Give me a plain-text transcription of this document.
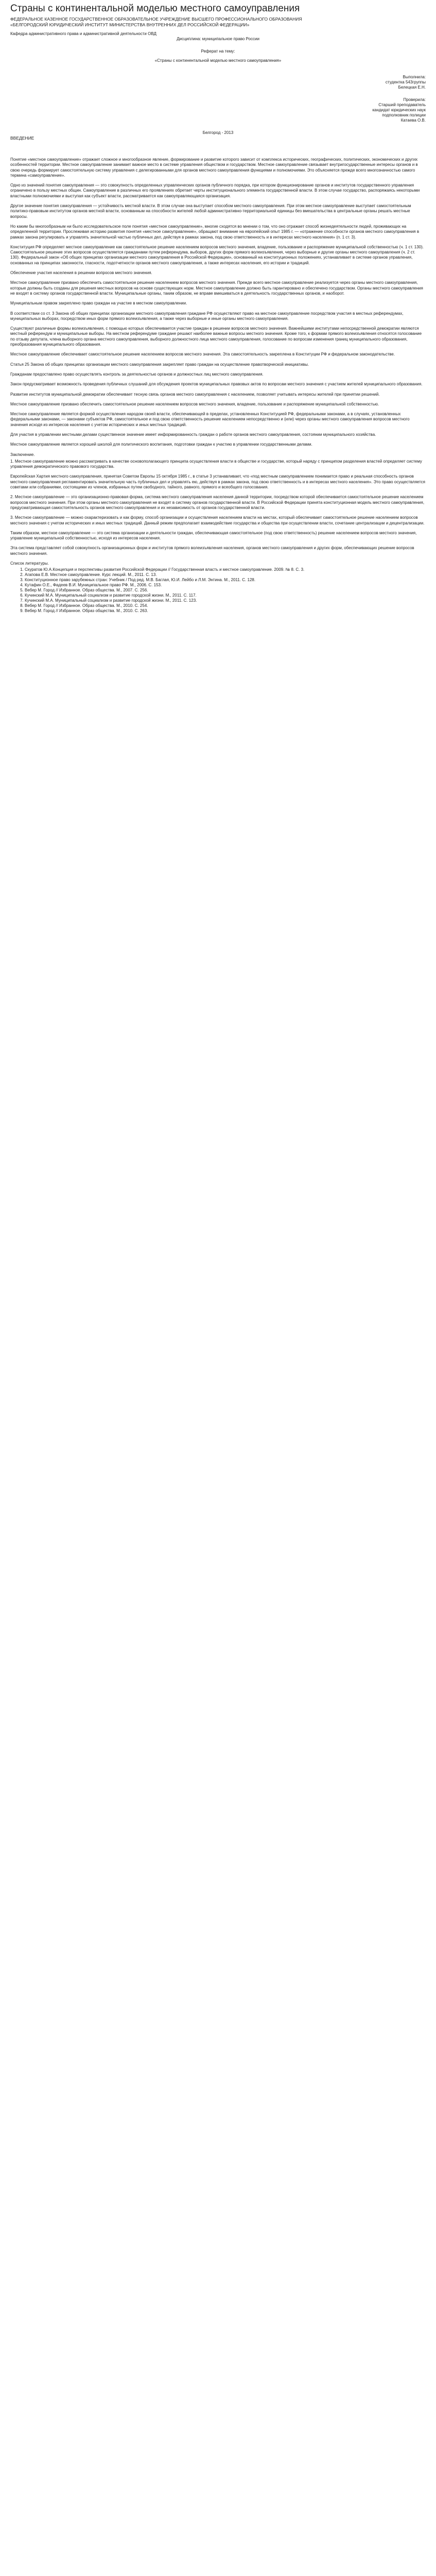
Страны с континентальной моделью местного самоуправления

ФЕДЕРАЛЬНОЕ КАЗЕННОЕ ГОСУДАРСТВЕННОЕ ОБРАЗОВАТЕЛЬНОЕ УЧРЕЖДЕНИЕ ВЫСШЕГО ПРОФЕССИОНАЛЬНОГО ОБРАЗОВАНИЯ

«БЕЛГОРОДСКИЙ ЮРИДИЧЕСКИЙ ИНСТИТУТ МИНИСТЕРСТВА ВНУТРЕННИХ ДЕЛ РОССИЙСКОЙ ФЕДЕРАЦИИ»

Кафедра административного права и административной деятельности ОВД

Дисциплина: муниципальное право России

Реферат на тему:

«Страны с континентальной моделью местного самоуправления»

Выполнила:

студентка 543группы

Белецкая Е.Н.

Проверила:

Старший преподаватель

кандидат юридических наук

подполковник полиции

Катаева О.В.

Белгород - 2013

ВВЕДЕНИЕ

Понятие «местное самоуправление» отражает сложное и многообразное явление, формирование и развитие которого зависит от комплекса исторических, географических, политических, экономических и других особенностей территории. Местное самоуправление занимает важное место в системе управления обществом и государством. Местное самоуправление связывает внутригосударственные интересы органов и в свою очередь формирует самостоятельную систему управления с делегированными для органов местного самоуправления функциями и полномочиями. Это объясняется прежде всего многозначностью самого термина «самоуправление».

Одно из значений понятия самоуправления — это совокупность определенных управленческих органов публичного порядка, при котором функционирование органов и институтов государственного управления ограничено в пользу местных общин. Самоуправление в различных его проявлениях обретает черты институционального элемента государственной власти. В этом случае государство, распоряжаясь некоторыми властными полномочиями и выступая как субъект власти, рассматривается как самоуправляющаяся организация.

Другое значение понятия самоуправления — устойчивость местной власти. В этом случае она выступает способом местного самоуправления. При этом местное самоуправление выступает самостоятельным политико-правовым институтом органов местной власти, основанным на способности жителей любой административно-территориальной единицы без вмешательства в центральные органы решать местные вопросы.

Но каким бы многообразным ни было исследовательское поле понятия «местное самоуправление», многие сходятся во мнении о том, что оно отражает способ жизнедеятельности людей, проживающих на определенной территории. Прослеживая историю развития понятия «местное самоуправление», обращают внимание на европейский опыт 1985 г. — «отражение способности органов местного самоуправления в рамках закона регулировать и управлять значительной частью публичных дел, действуя в рамках закона, под свою ответственность и в интересах местного населения» (п. 1 ст. 3).

Конституция РФ определяет местное самоуправление как самостоятельное решение населением вопросов местного значения, владение, пользование и распоряжение муниципальной собственностью (ч. 1 ст. 130). Самостоятельное решение этих вопросов осуществляется гражданами путем референдума, выборов, других форм прямого волеизъявления, через выборные и другие органы местного самоуправления (ч. 2 ст. 130). Федеральный закон «Об общих принципах организации местного самоуправления в Российской Федерации», основанный на конституционных положениях, устанавливает в системе органов управления, основанных на принципах законности, гласности, подотчетности органов местного самоуправления, а также интересах населения, его истории и традиций.

Обеспечение участия населения в решении вопросов местного значения.

Местное самоуправление призвано обеспечить самостоятельное решение населением вопросов местного значения. Прежде всего местное самоуправление реализуется через органы местного самоуправления, которые должны быть созданы для решения местных вопросов на основе существующих норм. Местное самоуправление должно быть гарантировано и обеспечено государством. Органы местного самоуправления не входят в систему органов государственной власти. Муниципальные органы, таким образом, не вправе вмешиваться в деятельность государственных органов, и наоборот.

Муниципальным правом закреплено право граждан на участие в местном самоуправлении.

В соответствии со ст. 3 Закона об общих принципах организации местного самоуправления граждане РФ осуществляют право на местное самоуправление посредством участия в местных референдумах, муниципальных выборах, посредством иных форм прямого волеизъявления, а также через выборные и иные органы местного самоуправления.

Существуют различные формы волеизъявления, с помощью которых обеспечивается участие граждан в решении вопросов местного значения. Важнейшими институтами непосредственной демократии являются местный референдум и муниципальные выборы. На местном референдуме граждане решают наиболее важные вопросы местного значения. Кроме того, к формам прямого волеизъявления относятся голосование по отзыву депутата, члена выборного органа местного самоуправления, выборного должностного лица местного самоуправления, голосование по вопросам изменения границ муниципального образования, преобразования муниципального образования.

Местное самоуправление обеспечивает самостоятельное решение населением вопросов местного значения. Эта самостоятельность закреплена в Конституции РФ и федеральном законодательстве.

Статья 25 Закона об общих принципах организации местного самоуправления закрепляет право граждан на осуществление правотворческой инициативы.

Гражданам предоставлено право осуществлять контроль за деятельностью органов и должностных лиц местного самоуправления.

Закон предусматривает возможность проведения публичных слушаний для обсуждения проектов муниципальных правовых актов по вопросам местного значения с участием жителей муниципального образования.

Развитие институтов муниципальной демократии обеспечивает тесную связь органов местного самоуправления с населением, позволяет учитывать интересы жителей при принятии решений.

Местное самоуправление призвано обеспечить самостоятельное решение населением вопросов местного значения, владение, пользование и распоряжение муниципальной собственностью.

Местное самоуправление является формой осуществления народом своей власти, обеспечивающей в пределах, установленных Конституцией РФ, федеральными законами, а в случаях, установленных федеральными законами, — законами субъектов РФ, самостоятельное и под свою ответственность решение населением непосредственно и (или) через органы местного самоуправления вопросов местного значения исходя из интересов населения с учетом исторических и иных местных традиций.

Для участия в управлении местными делами существенное значение имеет информированность граждан о работе органов местного самоуправления, состоянии муниципального хозяйства.

Местное самоуправление является хорошей школой для политического воспитания, подготовки граждан к участию в управлении государственными делами.

Заключение.

1. Местное самоуправление можно рассматривать в качестве основополагающего принципа осуществления власти в обществе и государстве, который наряду с принципом разделения властей определяет систему управления демократического правового государства.

Европейская Хартия местного самоуправления, принятая Советом Европы 15 октября 1985 г., в статье 3 устанавливает, что «под местным самоуправлением понимается право и реальная способность органов местного самоуправления регламентировать значительную часть публичных дел и управлять ею, действуя в рамках закона, под свою ответственность и в интересах местного населения». Это право осуществляется советами или собраниями, состоящими из членов, избранных путем свободного, тайного, равного, прямого и всеобщего голосования.

2. Местное самоуправление — это организационно-правовая форма, система местного самоуправления населения данной территории, посредством которой обеспечивается самостоятельное решение населением вопросов местного значения. При этом органы местного самоуправления не входят в систему органов государственной власти. В Российской Федерации принята конституционная модель местного самоуправления, предусматривающая самостоятельность органов местного самоуправления и их независимость от органов государственной власти.

3. Местное самоуправление — можно охарактеризовать и как форму, способ организации и осуществления населением власти на местах, который обеспечивает самостоятельное решение населением вопросов местного значения с учетом исторических и иных местных традиций. Данный режим предполагает взаимодействие государства и общества при осуществлении власти, сочетание централизации и децентрализации.

Таким образом, местное самоуправление — это система организации и деятельности граждан, обеспечивающая самостоятельное (под свою ответственность) решение населением вопросов местного значения, управление муниципальной собственностью, исходя из интересов населения.

Эта система представляет собой совокупность организационных форм и институтов прямого волеизъявления населения, органов местного самоуправления и других форм, обеспечивающих решение вопросов местного значения.

Список литературы.

1. Скуратов Ю.А.Концепция и перспективы развития Российской Федерации // Государственная власть и местное самоуправление. 2009. № 8. С. 3.
2. Агапова Е.В. Местное самоуправление. Курс лекций. М., 2011. С. 13.
3. Конституционное право зарубежных стран: Учебник / Под ред. М.В. Баглая, Ю.И. Лейбо и Л.М. Энтина. М., 2011. С. 128.
4. Кутафин О.Е., Фадеев В.И. Муниципальное право РФ. М., 2006. С. 153.
5. Вебер М. Город // Избранное. Образ общества. М., 2007. С. 256.
6. Кучинский М.А. Муниципальный социализм и развитие городской жизни. М., 2011. С. 117.
7. Кучинский М.А. Муниципальный социализм и развитие городской жизни. М., 2011. С. 123.
8. Вебер М. Город // Избранное. Образ общества. М., 2010. С. 254.
9. Вебер М. Город // Избранное. Образ общества. М., 2010. С. 263.
